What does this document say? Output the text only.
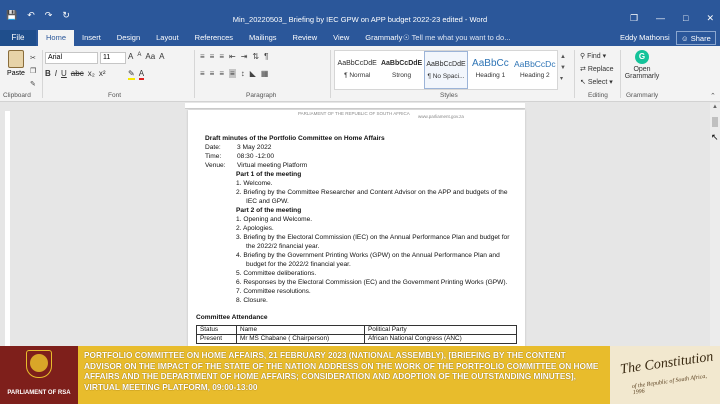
💾 ↶ ↷ ↻	Min_20220503_ Briefing by IEC GPW on APP budget 2022-23 edited - Word	❐ — □ ✕
File	Home	Insert	Design	Layout	References	Mailings	Review	View	Grammarly ☉ Tell me what you want to do...	Eddy Mathonsi	☺ Share
Paste
✂
❐
✎
Clipboard
Arial	11	A A Aa A
B I U abc x₂ x²	✎ A
Font
≡ ≡ ≡ ⇤ ⇥ ⇅ ¶
≡ ≡ ≡ ≡ ↕ ◣ ▦
Paragraph
AaBbCcDdE
¶ Normal
AaBbCcDdE
Strong
AaBbCcDdE
¶ No Spaci...
AaBbCc
Heading 1
AaBbCcDc
Heading 2
▲
▼
▾
Styles
⚲ Find ▾
⇄ Replace
↖ Select ▾
Editing
G
Open
Grammarly
Grammarly	⌃
PARLIAMENT OF THE REPUBLIC OF SOUTH AFRICA
www.parliament.gov.za
Draft minutes of the Portfolio Committee on Home Affairs
Date:	3 May 2022
Time:	08:30 -12:00
Venue:	Virtual meeting Platform
Part 1 of the meeting
1. Welcome.
2. Briefing by the Committee Researcher and Content Advisor on the APP and budgets of the IEC and GPW.
Part 2 of the meeting
1. Opening and Welcome.
2. Apologies.
3. Briefing by the Electoral Commission (IEC) on the Annual Performance Plan and budget for the 2022/2 financial year.
4. Briefing by the Government Printing Works (GPW) on the Annual Performance Plan and budget for the 2022/2 financial year.
5. Committee deliberations.
6. Responses by the Electoral Commission (EC) and the Government Printing Works (GPW).
7. Committee resolutions.
8. Closure.
Committee Attendance
Status	Name	Political Party
Present	Mr MS Chabane ( Chairperson)	African National Congress (ANC)
▲
↖
PARLIAMENT OF RSA
PORTFOLIO COMMITTEE ON HOME AFFAIRS, 21 FEBRUARY 2023 (NATIONAL ASSEMBLY), [BRIEFING BY THE CONTENT ADVISOR ON THE IMPACT OF THE STATE OF THE NATION ADDRESS ON THE WORK OF THE PORTFOLIO COMMITTEE ON HOME AFFAIRS AND THE DEPARTMENT OF HOME AFFAIRS; CONSIDERATION AND ADOPTION OF THE OUTSTANDING MINUTES], VIRTUAL MEETING PLATFORM, 09:00-13:00
The Constitution
of the Republic of South Africa, 1996
